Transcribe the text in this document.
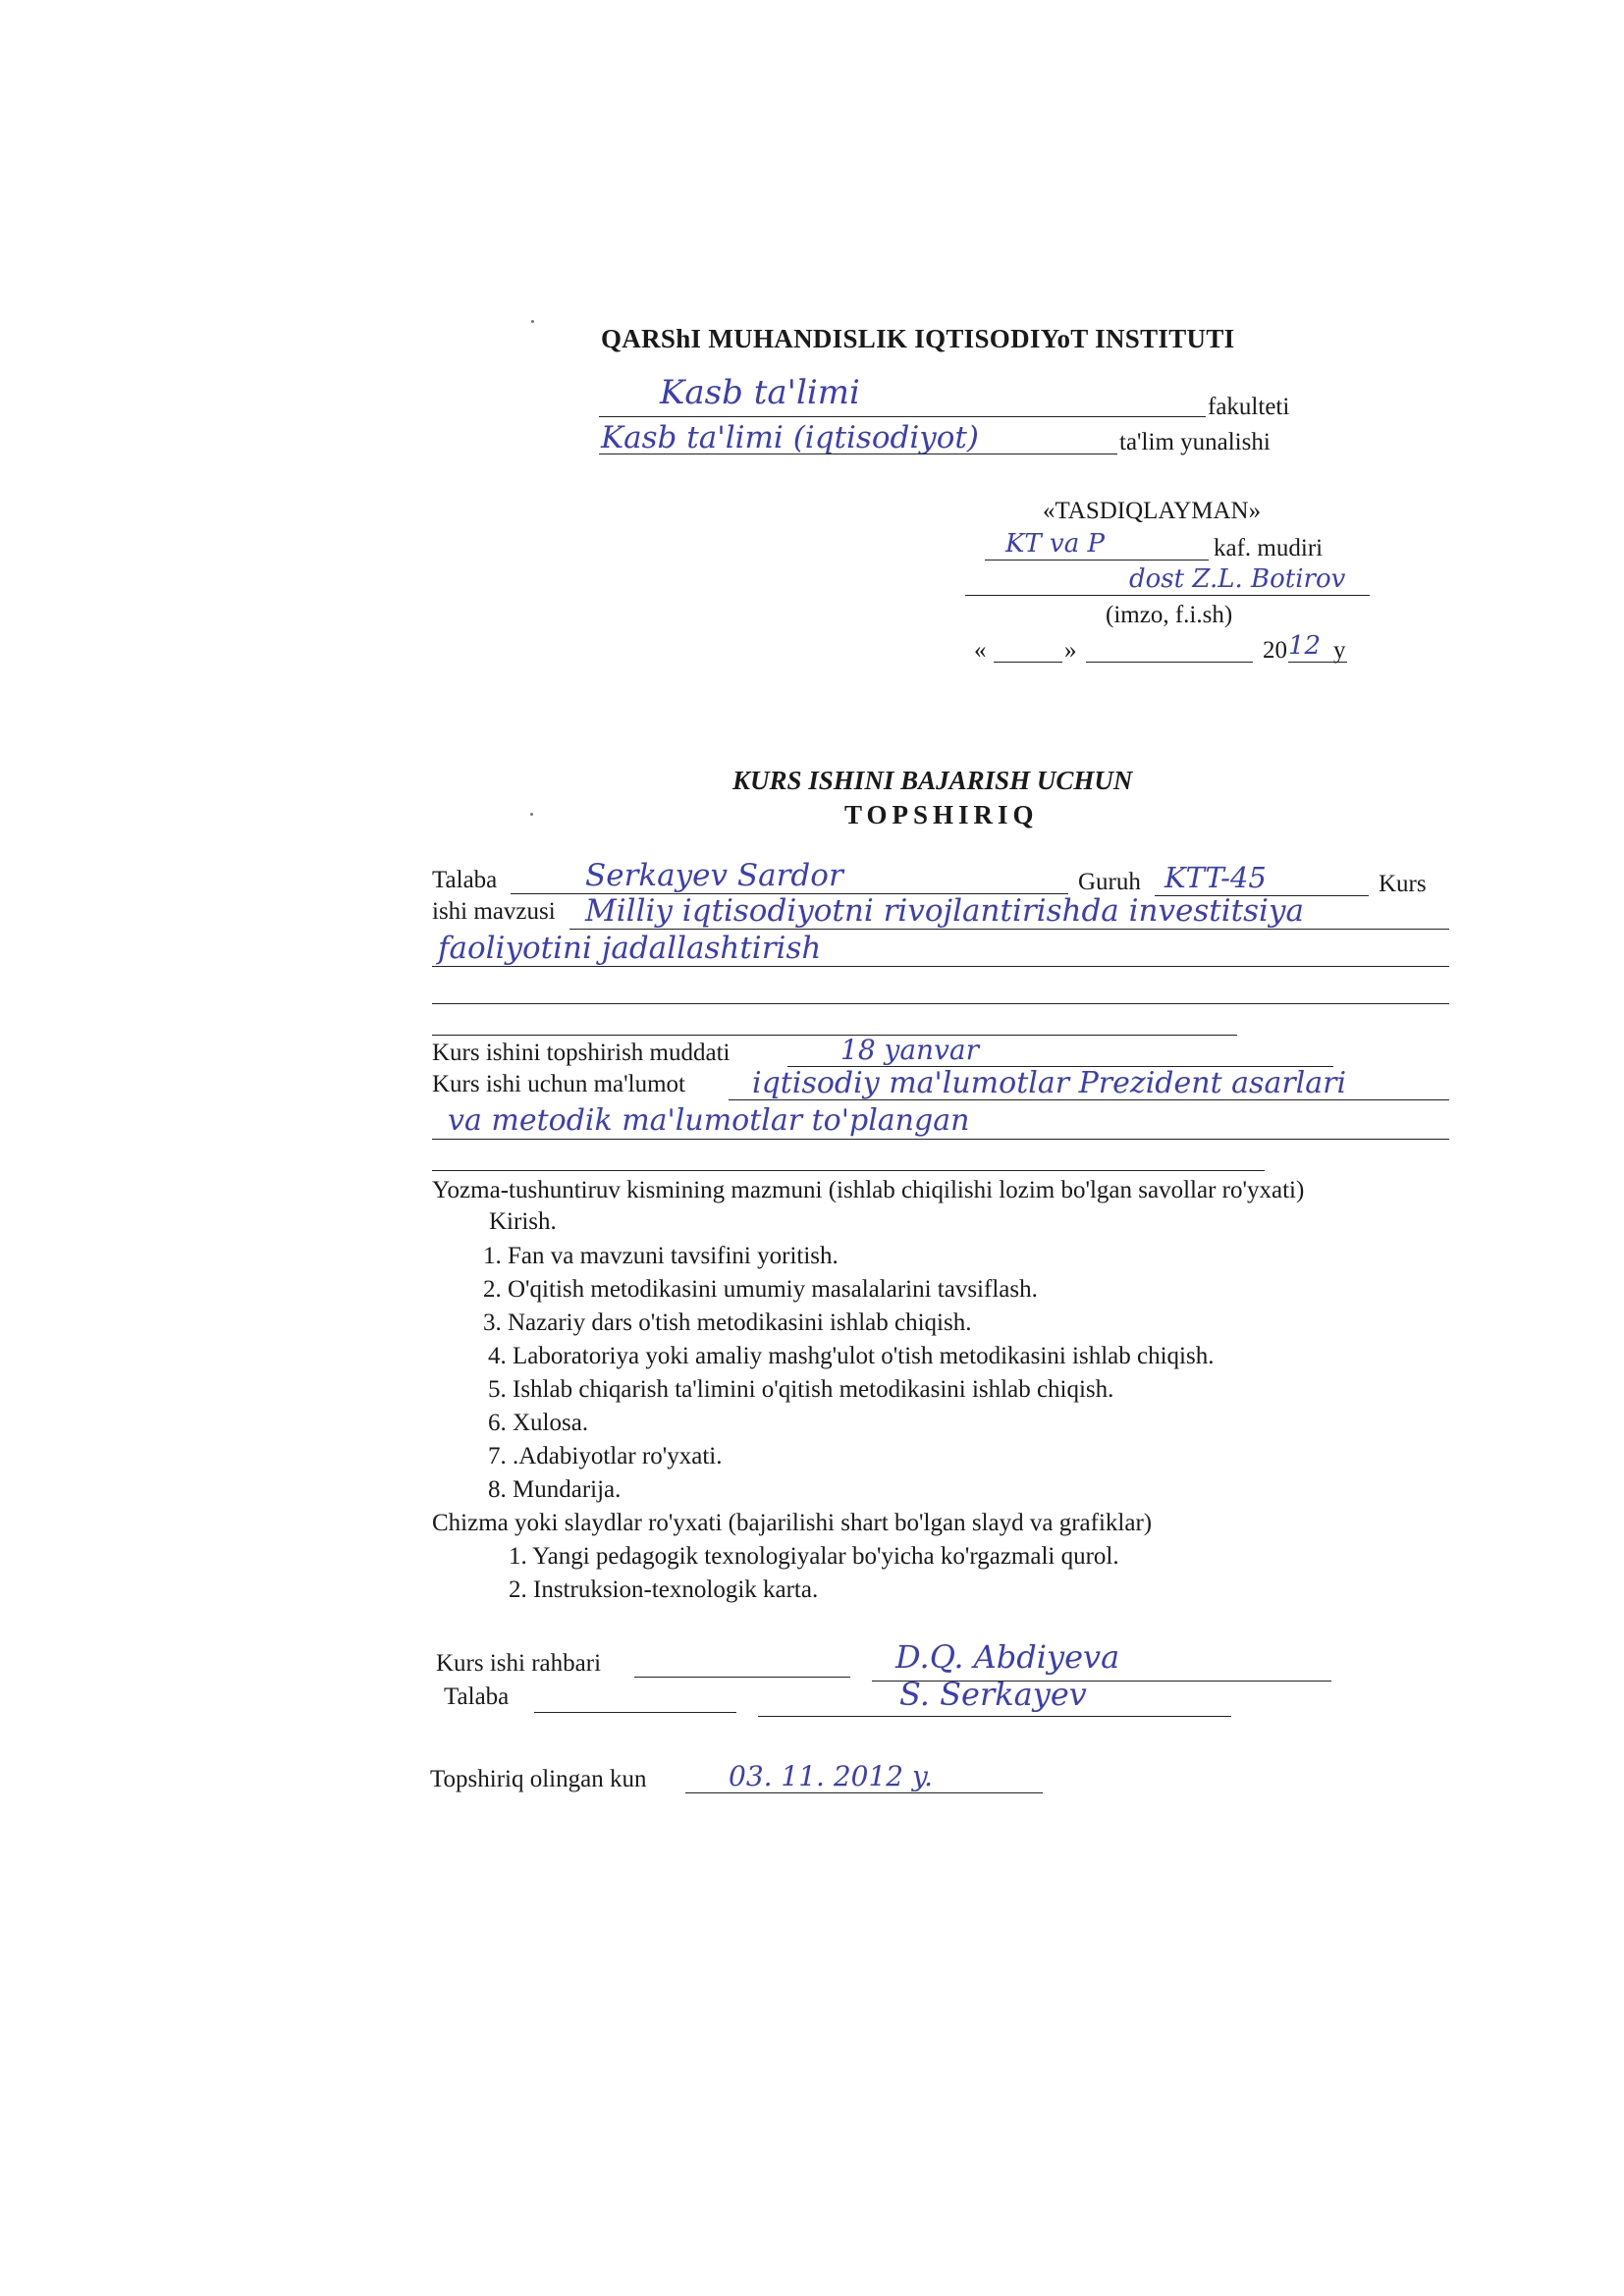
QARShI MUHANDISLIK IQTISODIYoT INSTITUTI
Kasb ta'limi	fakulteti
Kasb ta'limi (iqtisodiyot)	ta'lim yunalishi
«TASDIQLAYMAN»
KT va P	kaf. mudiri
dost Z.L. Botirov
(imzo, f.i.sh)
«	»	20 12 y
KURS ISHINI BAJARISH UCHUN
TOPSHIRIQ
Talaba	Serkayev Sardor	Guruh KTT-45	Kurs
ishi mavzusi Milliy iqtisodiyotni rivojlantirishda investitsiya
faoliyotini jadallashtirish
Kurs ishini topshirish muddati	18 yanvar
Kurs ishi uchun ma'lumot iqtisodiy ma'lumotlar Prezident asarlari
va metodik ma'lumotlar to'plangan
Yozma-tushuntiruv kismining mazmuni (ishlab chiqilishi lozim bo'lgan savollar ro'yxati)
Kirish.
1. Fan va mavzuni tavsifini yoritish.
2. O'qitish metodikasini umumiy masalalarini tavsiflash.
3. Nazariy dars o'tish metodikasini ishlab chiqish.
4. Laboratoriya yoki amaliy mashg'ulot o'tish metodikasini ishlab chiqish.
5. Ishlab chiqarish ta'limini o'qitish metodikasini ishlab chiqish.
6. Xulosa.
7. .Adabiyotlar ro'yxati.
8. Mundarija.
Chizma yoki slaydlar ro'yxati (bajarilishi shart bo'lgan slayd va grafiklar)
1. Yangi pedagogik texnologiyalar bo'yicha ko'rgazmali qurol.
2. Instruksion-texnologik karta.
Kurs ishi rahbari	D.Q. Abdiyeva
Talaba	S. Serkayev
Topshiriq olingan kun	03. 11. 2012 y.
